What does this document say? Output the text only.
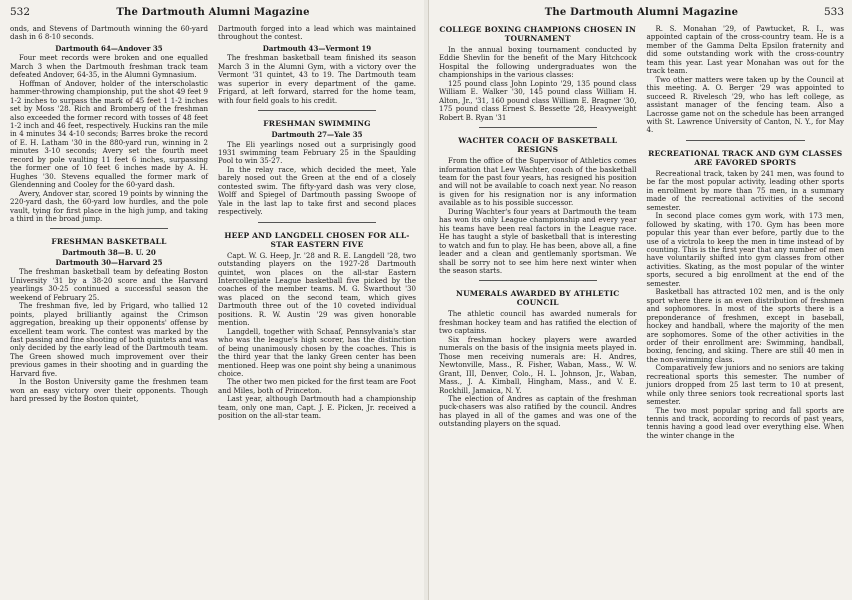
532	The Dartmouth Alumni Magazine

onds, and Stevens of Dartmouth winning the 60-yard dash in 6 8-10 seconds.

Dartmouth 64—Andover 35

Four meet records were broken and one equalled March 3 when the Dartmouth freshman track team defeated Andover, 64-35, in the Alumni Gymnasium.

Hoffman of Andover, holder of the interscholastic hammer-throwing championship, put the shot 49 feet 9 1-2 inches to surpass the mark of 45 feet 1 1-2 inches set by Moss '28. Rich and Bromberg of the freshman also exceeded the former record with tosses of 48 feet 1-2 inch and 46 feet, respectively. Huckins ran the mile in 4 minutes 34 4-10 seconds; Barres broke the record of E. H. Latham '30 in the 880-yard run, winning in 2 minutes 3-10 seconds; Avery set the fourth meet record by pole vaulting 11 feet 6 inches, surpassing the former one of 10 feet 6 inches made by A. H. Hughes '30. Stevens equalled the former mark of Glendenning and Cooley for the 60-yard dash.

Avery, Andover star, scored 19 points by winning the 220-yard dash, the 60-yard low hurdles, and the pole vault, tying for first place in the high jump, and taking a third in the broad jump.

FRESHMAN BASKETBALL
Dartmouth 38—B. U. 20
Dartmouth 30—Harvard 25

The freshman basketball team by defeating Boston University '31 by a 38-20 score and the Harvard yearlings 30-25 continued a successful season the weekend of February 25.

The freshman five, led by Frigard, who tallied 12 points, played brilliantly against the Crimson aggregation, breaking up their opponents' offense by excellent team work. The contest was marked by the fast passing and fine shooting of both quintets and was only decided by the early lead of the Dartmouth team. The Green showed much improvement over their previous games in their shooting and in guarding the Harvard five.

In the Boston University game the freshmen team won an easy victory over their opponents. Though hard pressed by the Boston quintet,

Dartmouth forged into a lead which was maintained throughout the contest.

Dartmouth 43—Vermont 19

The freshman basketball team finished its season March 3 in the Alumni Gym, with a victory over the Vermont '31 quintet, 43 to 19. The Dartmouth team was superior in every department of the game. Frigard, at left forward, starred for the home team, with four field goals to his credit.

FRESHMAN SWIMMING
Dartmouth 27—Yale 35

The Eli yearlings nosed out a surprisingly good 1931 swimming team February 25 in the Spaulding Pool to win 35-27.

In the relay race, which decided the meet, Yale barely nosed out the Green at the end of a closely contested swim. The fifty-yard dash was very close, Wolff and Spiegel of Dartmouth passing Swoope of Yale in the last lap to take first and second places respectively.

HEEP AND LANGDELL CHOSEN FOR ALL-STAR EASTERN FIVE

Capt. W. G. Heep, Jr. '28 and R. E. Langdell '28, two outstanding players on the 1927-28 Dartmouth quintet, won places on the all-star Eastern Intercollegiate League basketball five picked by the coaches of the member teams. M. G. Swarthout '30 was placed on the second team, which gives Dartmouth three out of the 10 coveted individual positions. R. W. Austin '29 was given honorable mention.

Langdell, together with Schaaf, Pennsylvania's star who was the league's high scorer, has the distinction of being unanimously chosen by the coaches. This is the third year that the lanky Green center has been mentioned. Heep was one point shy being a unanimous choice.

The other two men picked for the first team are Foot and Miles, both of Princeton.

Last year, although Dartmouth had a championship team, only one man, Capt. J. E. Picken, Jr. received a position on the all-star team.

The Dartmouth Alumni Magazine	533
COLLEGE BOXING CHAMPIONS CHOSEN IN TOURNAMENT

In the annual boxing tournament conducted by Eddie Shevlin for the benefit of the Mary Hitchcock Hospital the following undergraduates won the championships in the various classes:

125 pound class John Lopinto '29, 135 pound class William E. Walker '30, 145 pound class William H. Alton, Jr., '31, 160 pound class William E. Bragner '30, 175 pound class Ernest S. Bessette '28, Heavyweight Robert B. Ryan '31

WACHTER COACH OF BASKETBALL RESIGNS

From the office of the Supervisor of Athletics comes information that Lew Wachter, coach of the basketball team for the past four years, has resigned his position and will not be available to coach next year. No reason is given for his resignation nor is any information available as to his possible successor.

During Wachter's four years at Dartmouth the team has won its only League championship and every year his teams have been real factors in the League race. He has taught a style of basketball that is interesting to watch and fun to play. He has been, above all, a fine leader and a clean and gentlemanly sportsman. We shall be sorry not to see him here next winter when the season starts.

NUMERALS AWARDED BY ATHLETIC COUNCIL

The athletic council has awarded numerals for freshman hockey team and has ratified the election of two captains.

Six freshman hockey players were awarded numerals on the basis of the insignia meets played in. Those men receiving numerals are: H. Andres, Newtonville, Mass., R. Fisher, Waban, Mass., W. W. Grant, III, Denver, Colo., H. L. Johnson, Jr., Waban, Mass., J. A. Kimball, Hingham, Mass., and V. E. Rockhill, Jamaica, N. Y.

The election of Andres as captain of the freshman puck-chasers was also ratified by the council. Andres has played in all of the games and was one of the outstanding players on the squad.

R. S. Monahan '29, of Pawtucket, R. I., was appointed captain of the cross-country team. He is a member of the Gamma Delta Epsilon fraternity and did some outstanding work with the cross-country team this year. Last year Monahan was out for the track team.

Two other matters were taken up by the Council at this meeting. A. O. Berger '29 was appointed to succeed R. Rivelesch '29, who has left college, as assistant manager of the fencing team. Also a Lacrosse game not on the schedule has been arranged with St. Lawrence University of Canton, N. Y., for May 4.

RECREATIONAL TRACK AND GYM CLASSES ARE FAVORED SPORTS

Recreational track, taken by 241 men, was found to be far the most popular activity, leading other sports in enrollment by more than 75 men, in a summary made of the recreational activities of the second semester.

In second place comes gym work, with 173 men, followed by skating, with 170. Gym has been more popular this year than ever before, partly due to the use of a victrola to keep the men in time instead of by counting. This is the first year that any number of men have voluntarily shifted into gym classes from other activities. Skating, as the most popular of the winter sports, secured a big enrollment at the end of the semester.

Basketball has attracted 102 men, and is the only sport where there is an even distribution of freshmen and sophomores. In most of the sports there is a preponderance of freshmen, except in baseball, hockey and handball, where the majority of the men are sophomores. Some of the other activities in the order of their enrollment are: Swimming, handball, boxing, fencing, and skiing. There are still 40 men in the non-swimming class.

Comparatively few juniors and no seniors are taking recreational sports this semester. The number of juniors dropped from 25 last term to 10 at present, while only three seniors took recreational sports last semester.

The two most popular spring and fall sports are tennis and track, according to records of past years, tennis having a good lead over everything else. When the winter change in the
